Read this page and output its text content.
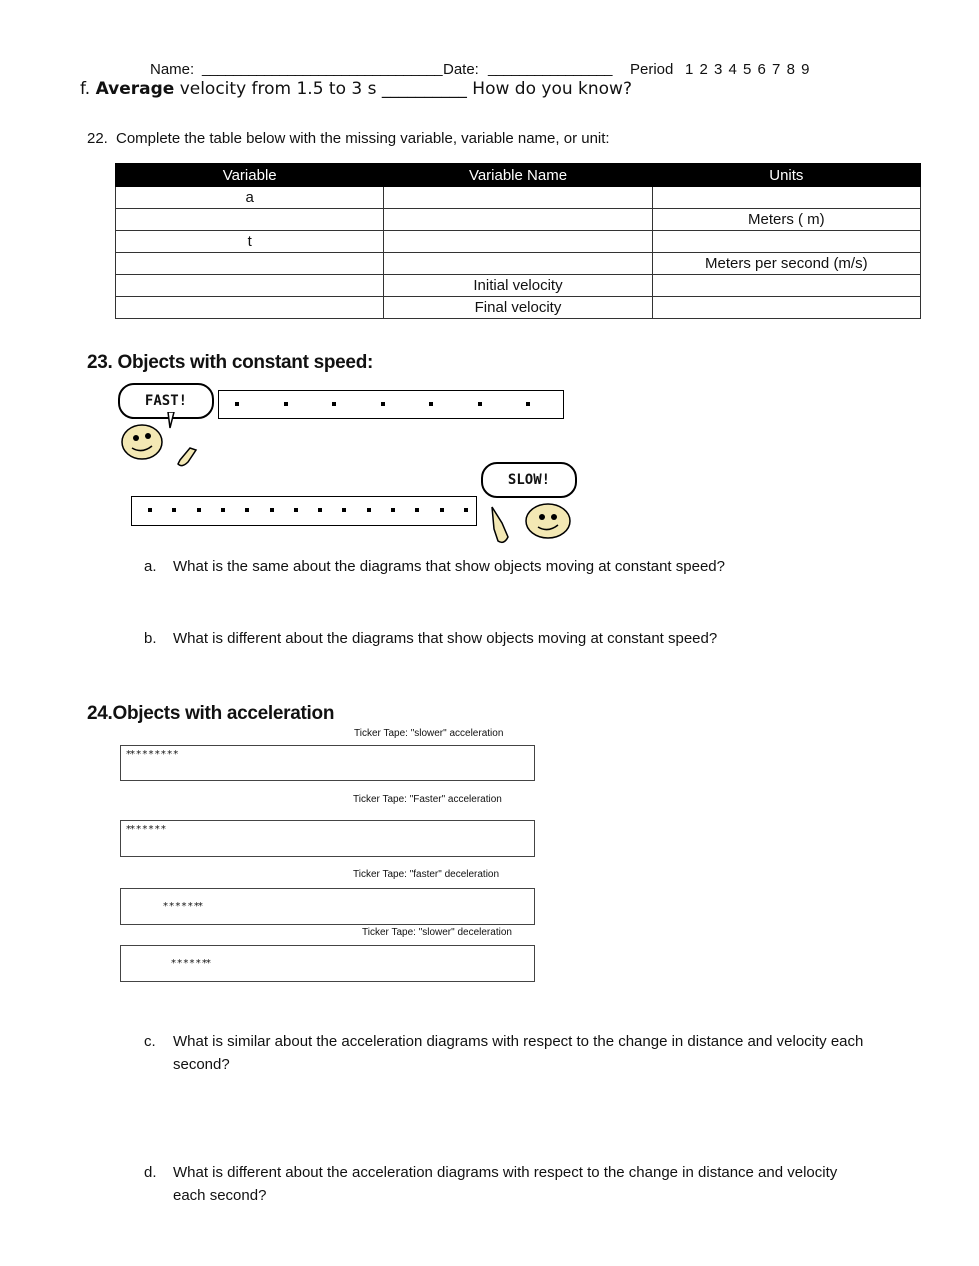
Name: _______________________________ Date: ________________ Period 1 2 3 4 5 6 7 8 9
f. Average velocity from 1.5 to 3 s __________ How do you know?
22. Complete the table below with the missing variable, variable name, or unit:
Variable	Variable Name	Units
a		
		Meters ( m)
t		
		Meters per second (m/s)
	Initial velocity	
	Final velocity	
23. Objects with constant speed:
FAST!
SLOW!
a. What is the same about the diagrams that show objects moving at constant speed?
b. What is different about the diagrams that show objects moving at constant speed?
24.Objects with acceleration
Ticker Tape: "slower" acceleration
** * * * * * * *
Ticker Tape: "Faster" acceleration
** * * * * *
Ticker Tape: "faster" deceleration
* * * * * **
Ticker Tape: "slower" deceleration
* * * * * **
c. What is similar about the acceleration diagrams with respect to the change in distance and velocity each
second?
d. What is different about the acceleration diagrams with respect to the change in distance and velocity
each second?
